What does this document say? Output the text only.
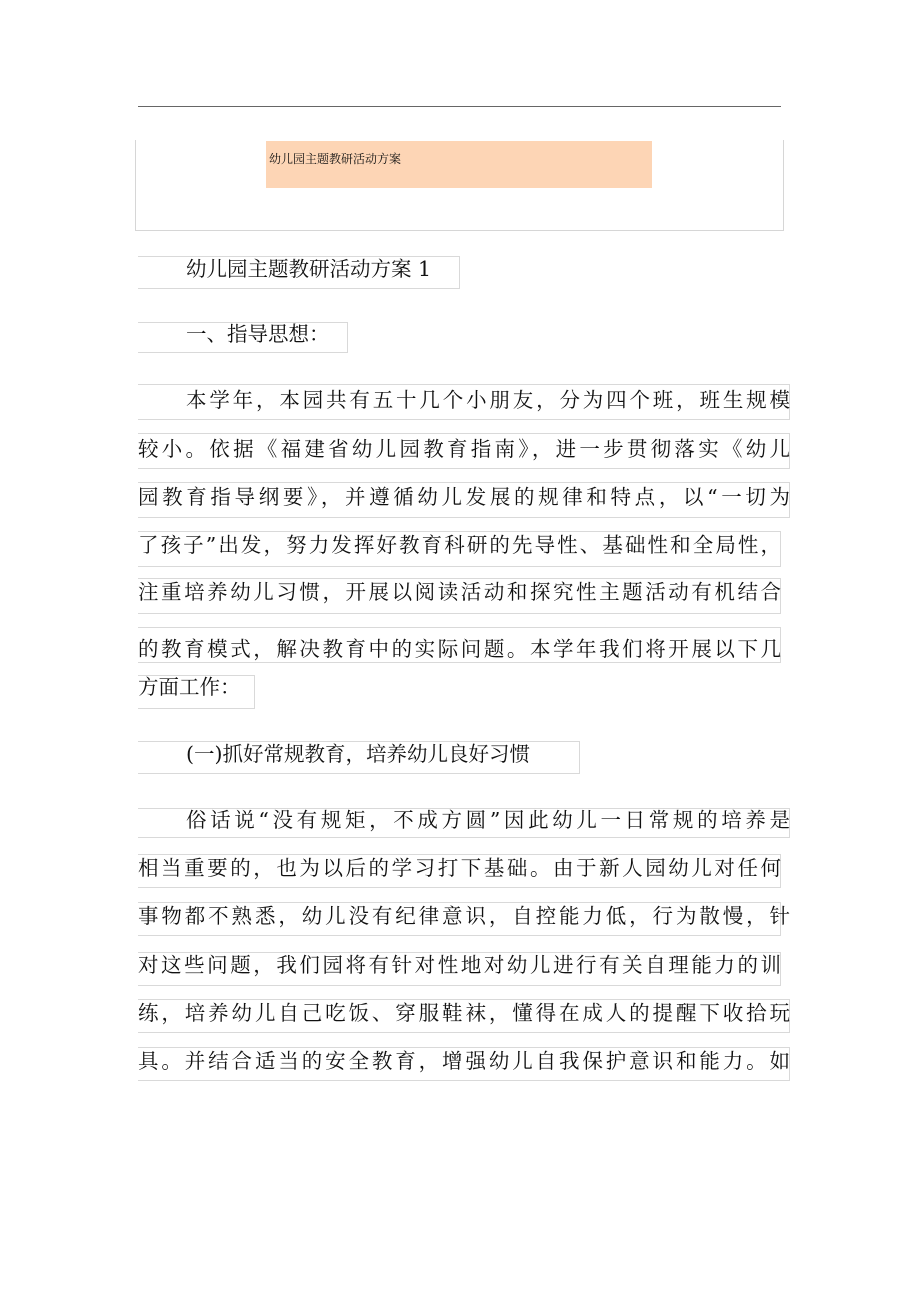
幼儿园主题教研活动方案
幼儿园主题教研活动方案 1
一、指导思想：
本学年，本园共有五十几个小朋友，分为四个班，班生规模
较小。依据《福建省幼儿园教育指南》，进一步贯彻落实《幼儿
园教育指导纲要》，并遵循幼儿发展的规律和特点，以“一切为
了孩子”出发，努力发挥好教育科研的先导性、基础性和全局性，
注重培养幼儿习惯，开展以阅读活动和探究性主题活动有机结合
的教育模式，解决教育中的实际问题。本学年我们将开展以下几
方面工作：
(一)抓好常规教育，培养幼儿良好习惯
俗话说“没有规矩，不成方圆”因此幼儿一日常规的培养是
相当重要的，也为以后的学习打下基础。由于新人园幼儿对任何
事物都不熟悉，幼儿没有纪律意识，自控能力低，行为散慢，针
对这些问题，我们园将有针对性地对幼儿进行有关自理能力的训
练，培养幼儿自己吃饭、穿服鞋袜，懂得在成人的提醒下收拾玩
具。并结合适当的安全教育，增强幼儿自我保护意识和能力。如
